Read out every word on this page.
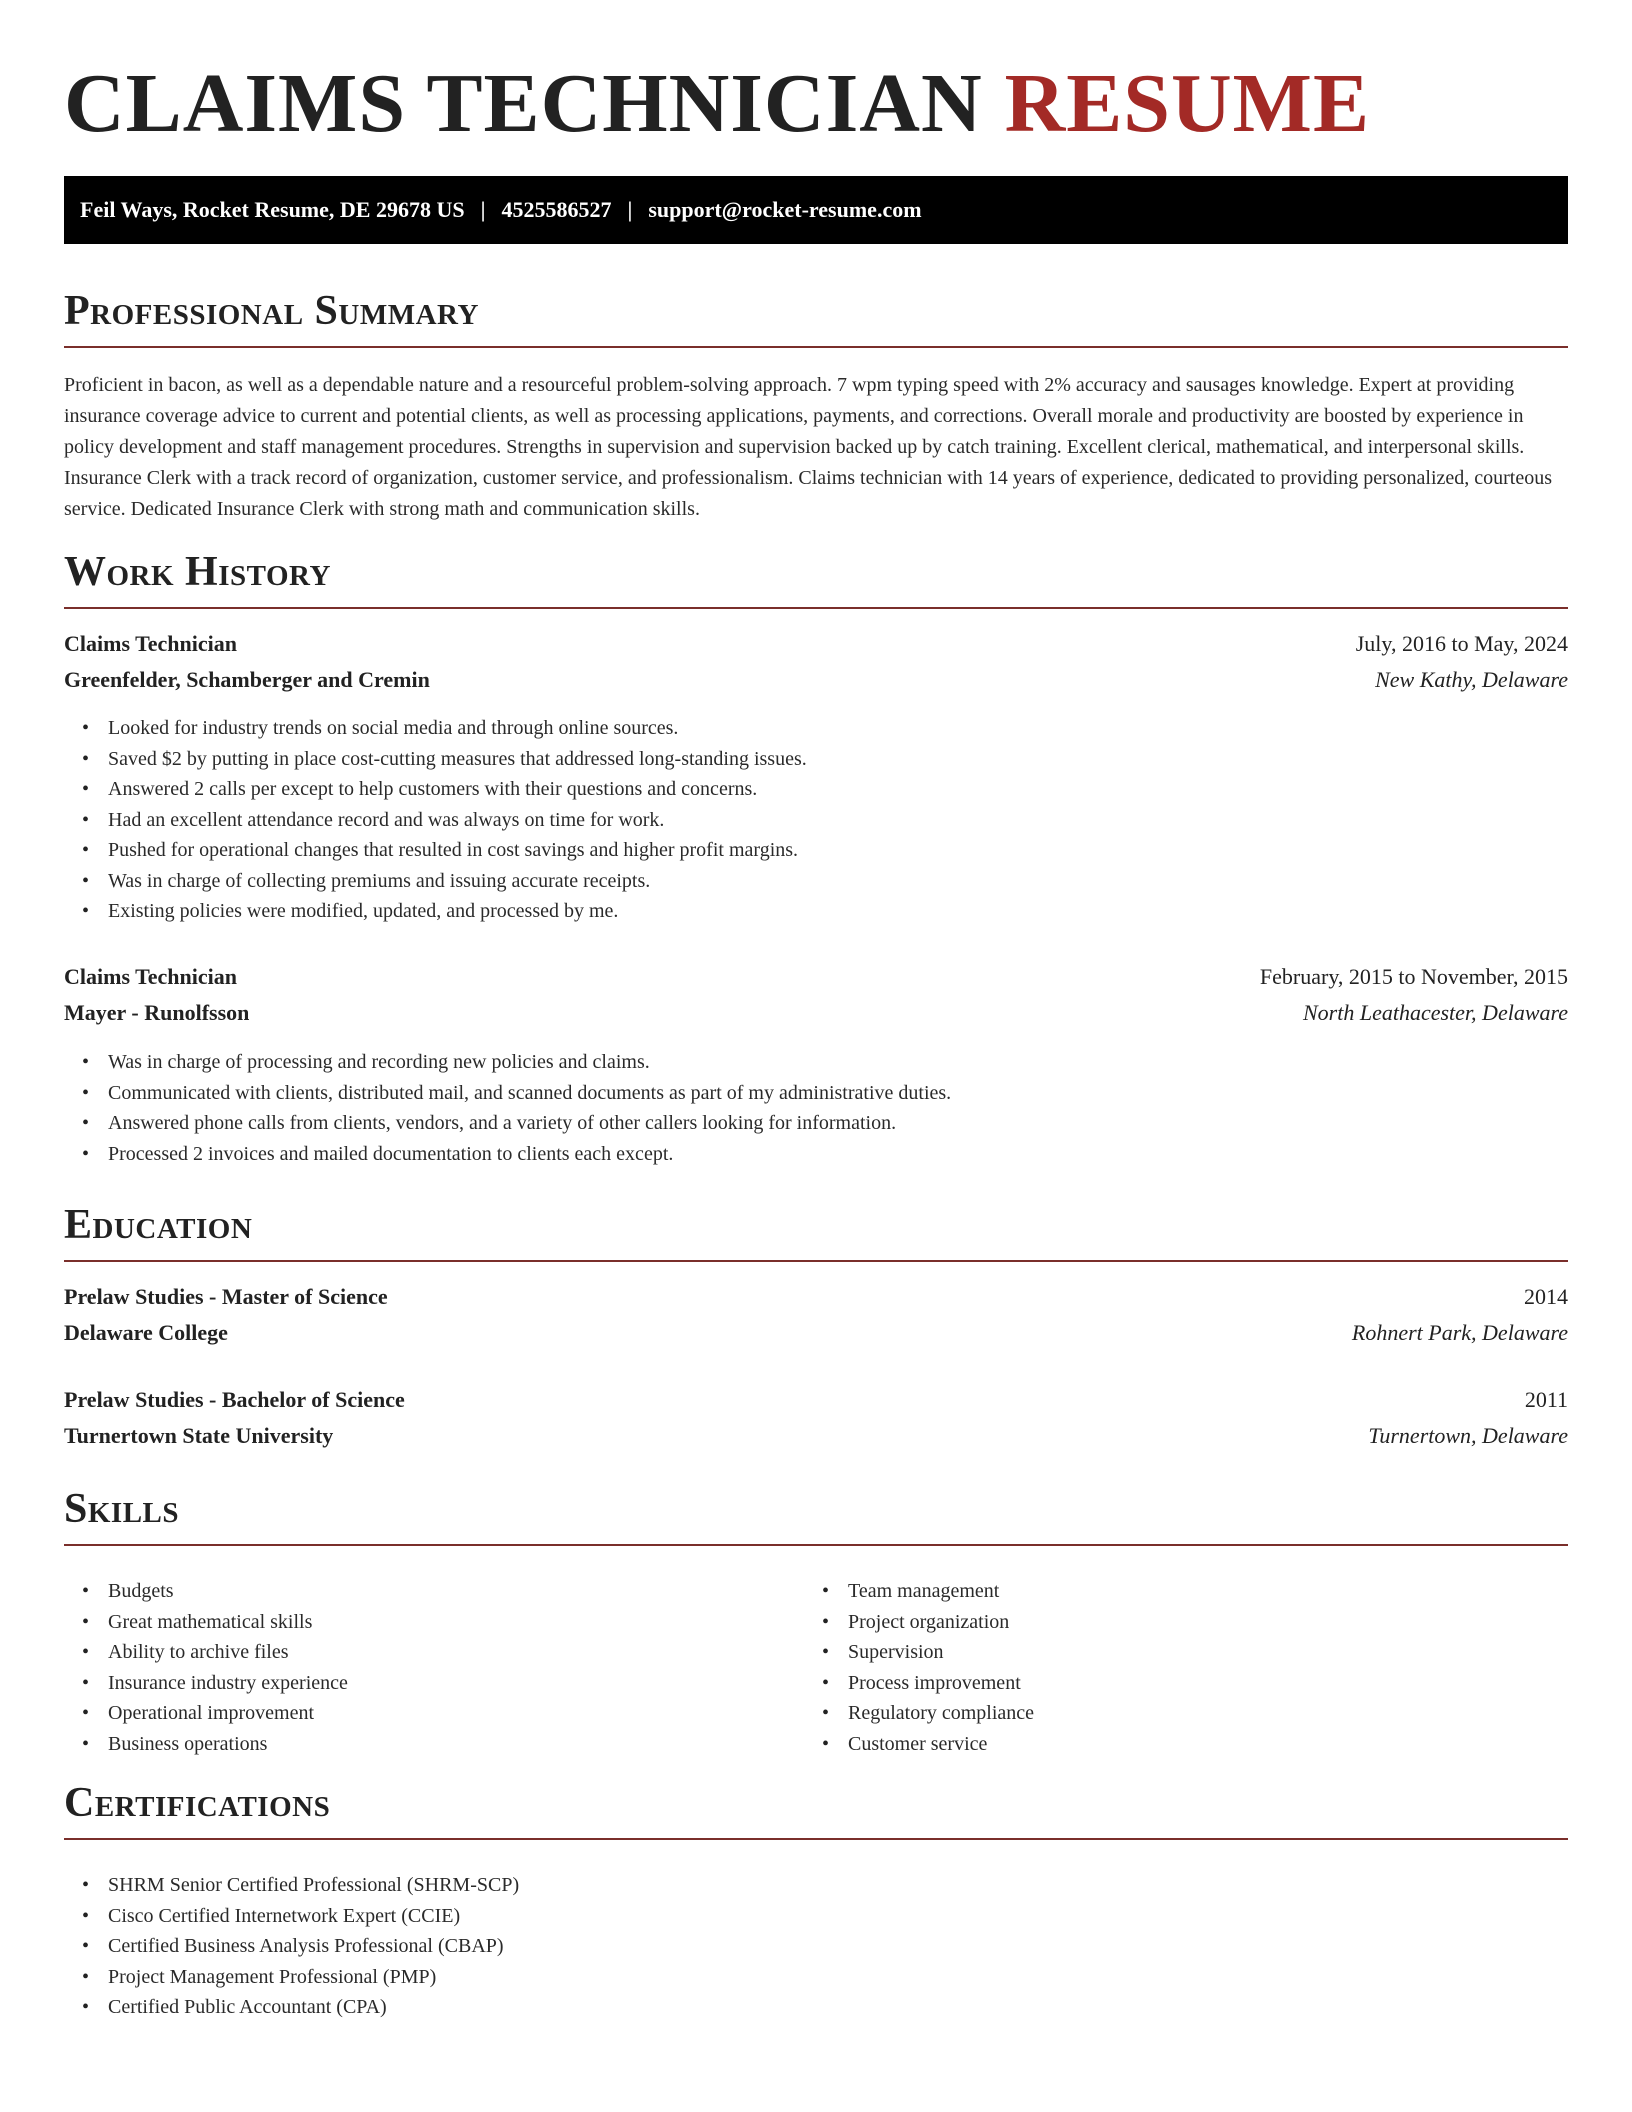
CLAIMS TECHNICIAN RESUME
Feil Ways, Rocket Resume, DE 29678 US | 4525586527 | support@rocket-resume.com
Professional Summary

Proficient in bacon, as well as a dependable nature and a resourceful problem-solving approach. 7 wpm typing speed with 2% accuracy and sausages knowledge. Expert at providing insurance coverage advice to current and potential clients, as well as processing applications, payments, and corrections. Overall morale and productivity are boosted by experience in policy development and staff management procedures. Strengths in supervision and supervision backed up by catch training. Excellent clerical, mathematical, and interpersonal skills. Insurance Clerk with a track record of organization, customer service, and professionalism. Claims technician with 14 years of experience, dedicated to providing personalized, courteous service. Dedicated Insurance Clerk with strong math and communication skills.

Work History
Claims Technician	July, 2016 to May, 2024
Greenfelder, Schamberger and Cremin	New Kathy, Delaware
• Looked for industry trends on social media and through online sources.
• Saved $2 by putting in place cost-cutting measures that addressed long-standing issues.
• Answered 2 calls per except to help customers with their questions and concerns.
• Had an excellent attendance record and was always on time for work.
• Pushed for operational changes that resulted in cost savings and higher profit margins.
• Was in charge of collecting premiums and issuing accurate receipts.
• Existing policies were modified, updated, and processed by me.
Claims Technician	February, 2015 to November, 2015
Mayer - Runolfsson	North Leathacester, Delaware
• Was in charge of processing and recording new policies and claims.
• Communicated with clients, distributed mail, and scanned documents as part of my administrative duties.
• Answered phone calls from clients, vendors, and a variety of other callers looking for information.
• Processed 2 invoices and mailed documentation to clients each except.
Education
Prelaw Studies - Master of Science	2014
Delaware College	Rohnert Park, Delaware
Prelaw Studies - Bachelor of Science	2011
Turnertown State University	Turnertown, Delaware
Skills
• Budgets
• Great mathematical skills
• Ability to archive files
• Insurance industry experience
• Operational improvement
• Business operations
• Team management
• Project organization
• Supervision
• Process improvement
• Regulatory compliance
• Customer service
Certifications
• SHRM Senior Certified Professional (SHRM-SCP)
• Cisco Certified Internetwork Expert (CCIE)
• Certified Business Analysis Professional (CBAP)
• Project Management Professional (PMP)
• Certified Public Accountant (CPA)
